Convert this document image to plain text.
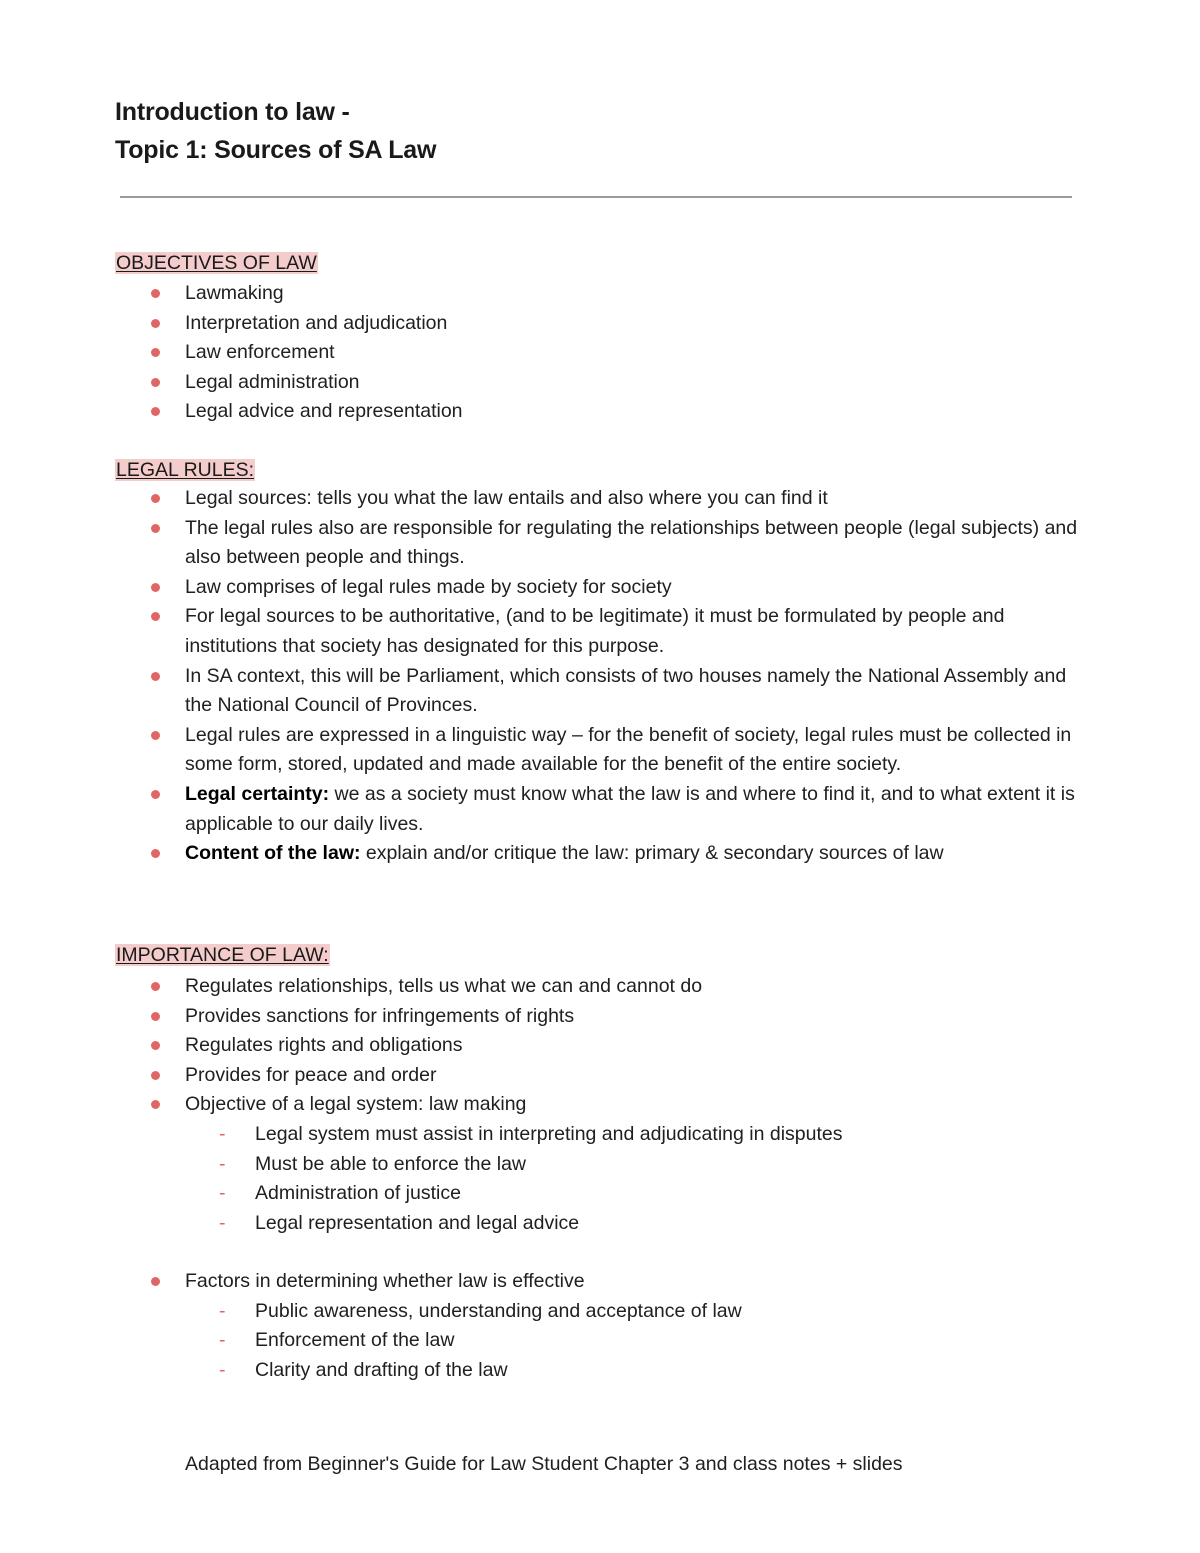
Introduction to law -
Topic 1: Sources of SA Law

OBJECTIVES OF LAW

Lawmaking
Interpretation and adjudication
Law enforcement
Legal administration
Legal advice and representation

LEGAL RULES:

Legal sources: tells you what the law entails and also where you can find it
The legal rules also are responsible for regulating the relationships between people (legal subjects) and also between people and things.
Law comprises of legal rules made by society for society
For legal sources to be authoritative, (and to be legitimate) it must be formulated by people and institutions that society has designated for this purpose.
In SA context, this will be Parliament, which consists of two houses namely the National Assembly and the National Council of Provinces.
Legal rules are expressed in a linguistic way – for the benefit of society, legal rules must be collected in some form, stored, updated and made available for the benefit of the entire society.
Legal certainty: we as a society must know what the law is and where to find it, and to what extent it is applicable to our daily lives.
Content of the law: explain and/or critique the law: primary & secondary sources of law

IMPORTANCE OF LAW:

Regulates relationships, tells us what we can and cannot do
Provides sanctions for infringements of rights
Regulates rights and obligations
Provides for peace and order
Objective of a legal system: law making
- Legal system must assist in interpreting and adjudicating in disputes
- Must be able to enforce the law
- Administration of justice
- Legal representation and legal advice
Factors in determining whether law is effective
- Public awareness, understanding and acceptance of law
- Enforcement of the law
- Clarity and drafting of the law

Adapted from Beginner's Guide for Law Student Chapter 3 and class notes + slides
